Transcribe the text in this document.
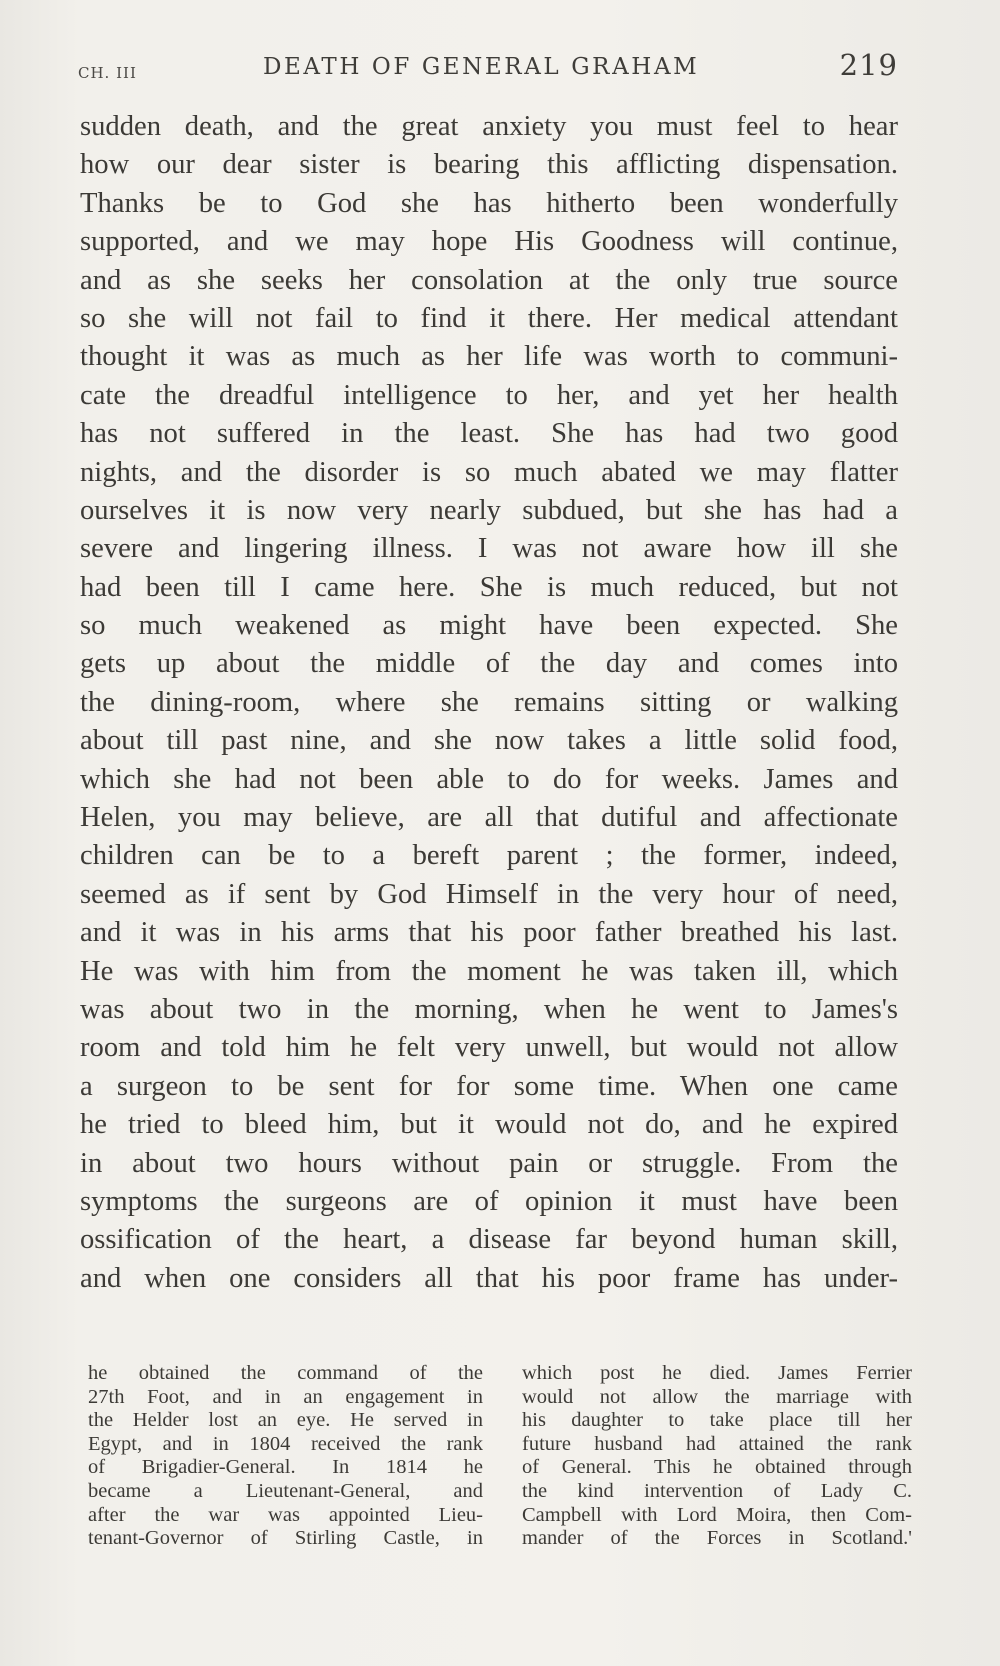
CH. III	DEATH OF GENERAL GRAHAM	219
sudden death, and the great anxiety you must feel to hear
how our dear sister is bearing this afflicting dispensation.
Thanks be to God she has hitherto been wonderfully
supported, and we may hope His Goodness will continue,
and as she seeks her consolation at the only true source
so she will not fail to find it there. Her medical attendant
thought it was as much as her life was worth to communi-
cate the dreadful intelligence to her, and yet her health
has not suffered in the least. She has had two good
nights, and the disorder is so much abated we may flatter
ourselves it is now very nearly subdued, but she has had a
severe and lingering illness. I was not aware how ill she
had been till I came here. She is much reduced, but not
so much weakened as might have been expected. She
gets up about the middle of the day and comes into
the dining-room, where she remains sitting or walking
about till past nine, and she now takes a little solid food,
which she had not been able to do for weeks. James and
Helen, you may believe, are all that dutiful and affectionate
children can be to a bereft parent ; the former, indeed,
seemed as if sent by God Himself in the very hour of need,
and it was in his arms that his poor father breathed his last.
He was with him from the moment he was taken ill, which
was about two in the morning, when he went to James's
room and told him he felt very unwell, but would not allow
a surgeon to be sent for for some time. When one came
he tried to bleed him, but it would not do, and he expired
in about two hours without pain or struggle. From the
symptoms the surgeons are of opinion it must have been
ossification of the heart, a disease far beyond human skill,
and when one considers all that his poor frame has under-
he obtained the command of the
27th Foot, and in an engagement in
the Helder lost an eye. He served in
Egypt, and in 1804 received the rank
of Brigadier-General. In 1814 he
became a Lieutenant-General, and
after the war was appointed Lieu-
tenant-Governor of Stirling Castle, in
which post he died. James Ferrier
would not allow the marriage with
his daughter to take place till her
future husband had attained the rank
of General. This he obtained through
the kind intervention of Lady C.
Campbell with Lord Moira, then Com-
mander of the Forces in Scotland.'
